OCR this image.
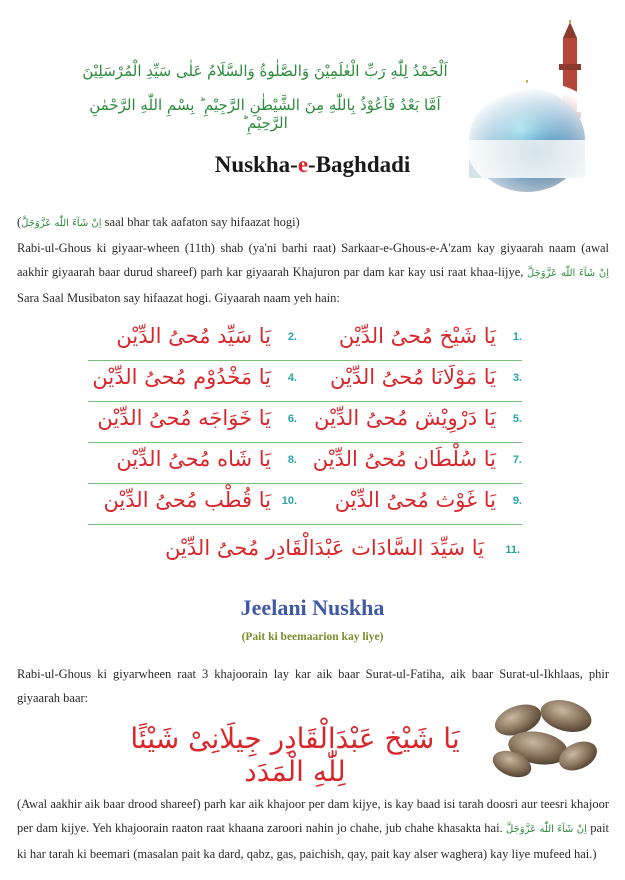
اَلْحَمْدُ لِلّٰهِ رَبِّ الْعٰلَمِيْنَ وَالصَّلٰوةُ وَالسَّلَامُ عَلٰى سَيِّدِ الْمُرْسَلِيْنَ
اَمَّا بَعْدُ فَاَعُوْذُ بِاللّٰهِ مِنَ الشَّيْطٰنِ الرَّجِيْمِ ؕ بِسْمِ اللّٰهِ الرَّحْمٰنِ الرَّحِيْمِ ؕ
Nuskha-e-Baghdadi
(اِنْ شَآءَ اللّٰه عَزَّوَجَلَّ saal bhar tak aafaton say hifaazat hogi)
Rabi-ul-Ghous ki giyaar-wheen (11th) shab (ya'ni barhi raat) Sarkaar-e-Ghous-e-A'zam kay giyaarah naam (awal aakhir giyaarah baar durud shareef) parh kar giyaarah Khajuron par dam kar kay usi raat khaa-lijye, اِنْ شَآءَ اللّٰه عَزَّوَجَلَّ Sara Saal Musibaton say hifaazat hogi. Giyaarah naam yeh hain:
1.
يَا شَيْخ مُحىُ الدِّيْن
2.
يَا سَيِّد مُحىُ الدِّيْن
3.
يَا مَوْلَانَا مُحىُ الدِّيْن
4.
يَا مَخْدُوْم مُحىُ الدِّيْن
5.
يَا دَرْوِيْش مُحىُ الدِّيْن
6.
يَا خَوَاجَه مُحىُ الدِّيْن
7.
يَا سُلْطَان مُحىُ الدِّيْن
8.
يَا شَاه مُحىُ الدِّيْن
9.
يَا غَوْث مُحىُ الدِّيْن
10.
يَا قُطْب مُحىُ الدِّيْن
11.
يَا سَيِّدَ السَّادَات عَبْدَالْقَادِر مُحىُ الدِّيْن
Jeelani Nuskha
(Pait ki beemaarion kay liye)
Rabi-ul-Ghous ki giyarwheen raat 3 khajoorain lay kar aik baar Surat-ul-Fatiha, aik baar Surat-ul-Ikhlaas, phir giyaarah baar:
يَا شَيْخ عَبْدَالْقَادِر جِيلَانِىْ شَيْئًا لِلّٰهِ الْمَدَد
(Awal aakhir aik baar drood shareef) parh kar aik khajoor per dam kijye, is kay baad isi tarah doosri aur teesri khajoor per dam kijye. Yeh khajoorain raaton raat khaana zaroori nahin jo chahe, jub chahe khasakta hai. اِنْ شَآءَ اللّٰه عَزَّوَجَلَّ pait ki har tarah ki beemari (masalan pait ka dard, qabz, gas, paichish, qay, pait kay alser waghera) kay liye mufeed hai.)
